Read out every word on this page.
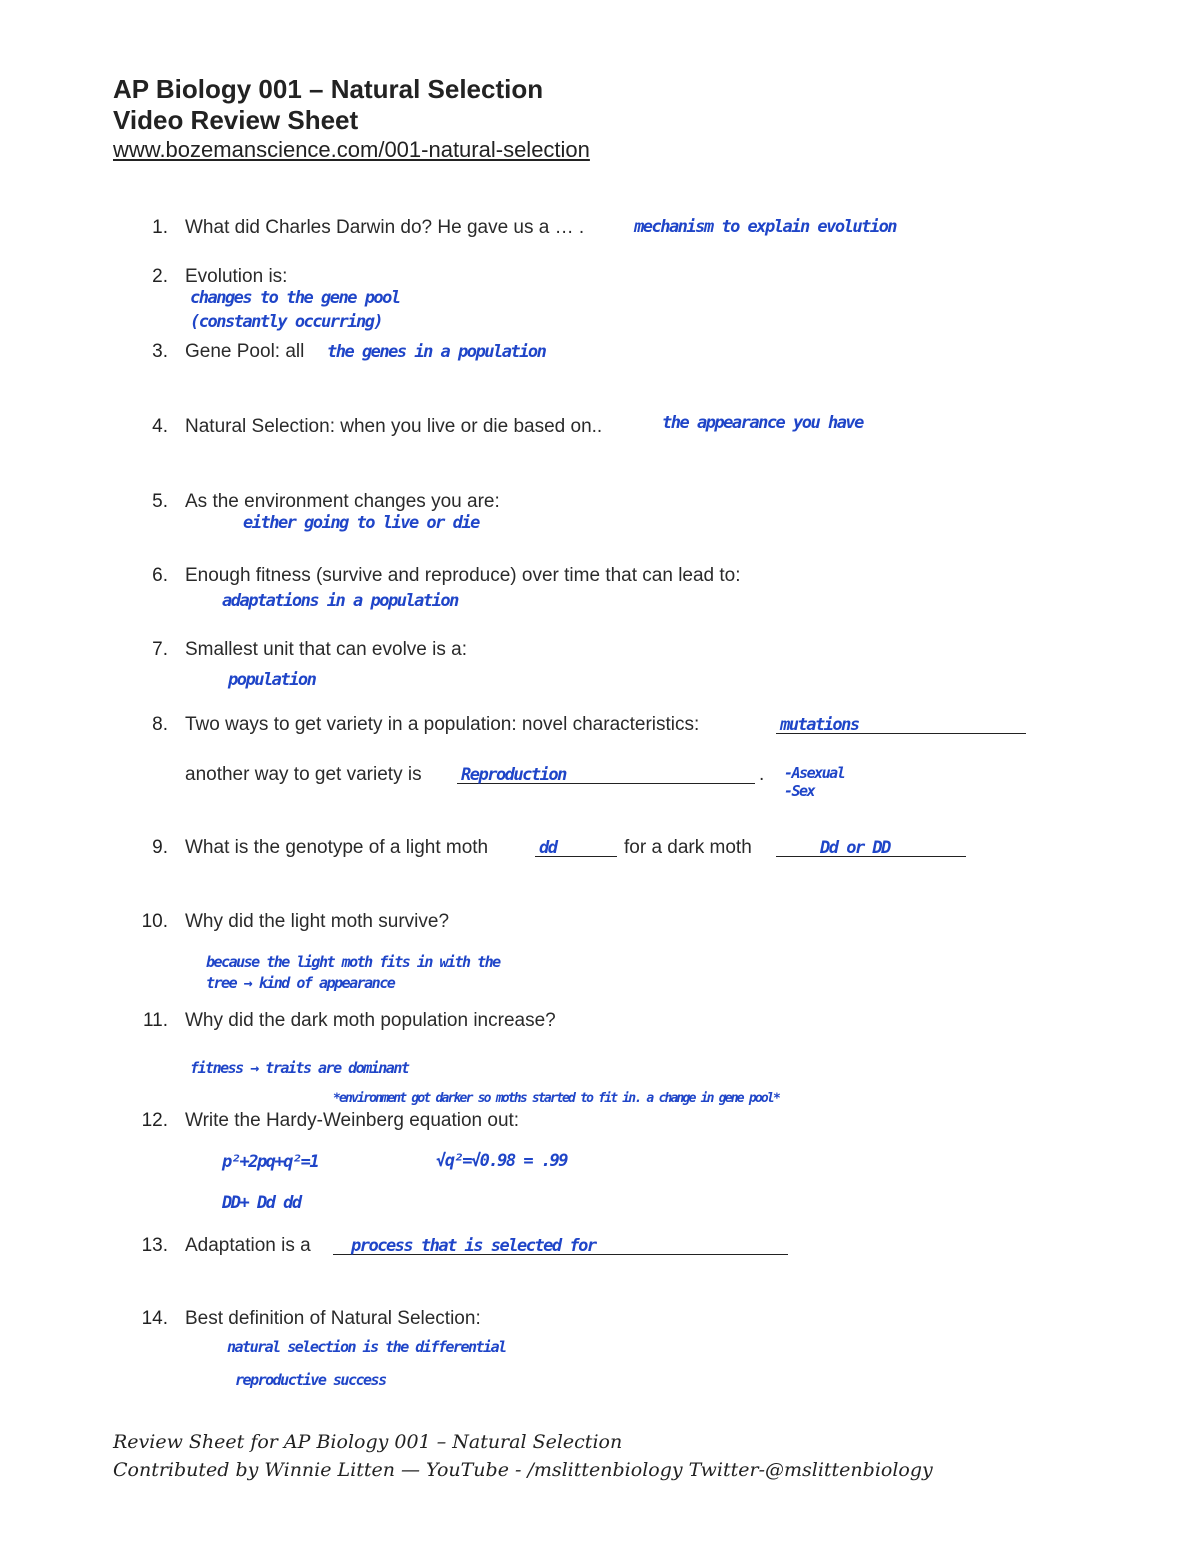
AP Biology 001 – Natural Selection
Video Review Sheet
www.bozemanscience.com/001-natural-selection
1. What did Charles Darwin do? He gave us a … .	mechanism to explain evolution
2. Evolution is:
changes to the gene pool
(constantly occurring)
3. Gene Pool: all the genes in a population
4. Natural Selection: when you live or die based on..	the appearance you have
5. As the environment changes you are:
either going to live or die
6. Enough fitness (survive and reproduce) over time that can lead to:
adaptations in a population
7. Smallest unit that can evolve is a:
population
8. Two ways to get variety in a population: novel characteristics:	mutations
another way to get variety is Reproduction	. -Asexual
-Sex
9. What is the genotype of a light moth	dd	for a dark moth	Dd or DD
10. Why did the light moth survive?
because the light moth fits in with the
tree → kind of appearance
11. Why did the dark moth population increase?
fitness → traits are dominant
*environment got darker so moths started to fit in. a change in gene pool*
12. Write the Hardy-Weinberg equation out:
p²+2pq+q²=1	√q²=√0.98 = .99
DD+ Dd dd
13. Adaptation is a process that is selected for
14. Best definition of Natural Selection:
natural selection is the differential
reproductive success
Review Sheet for AP Biology 001 – Natural Selection
Contributed by Winnie Litten — YouTube - /mslittenbiology Twitter-@mslittenbiology
